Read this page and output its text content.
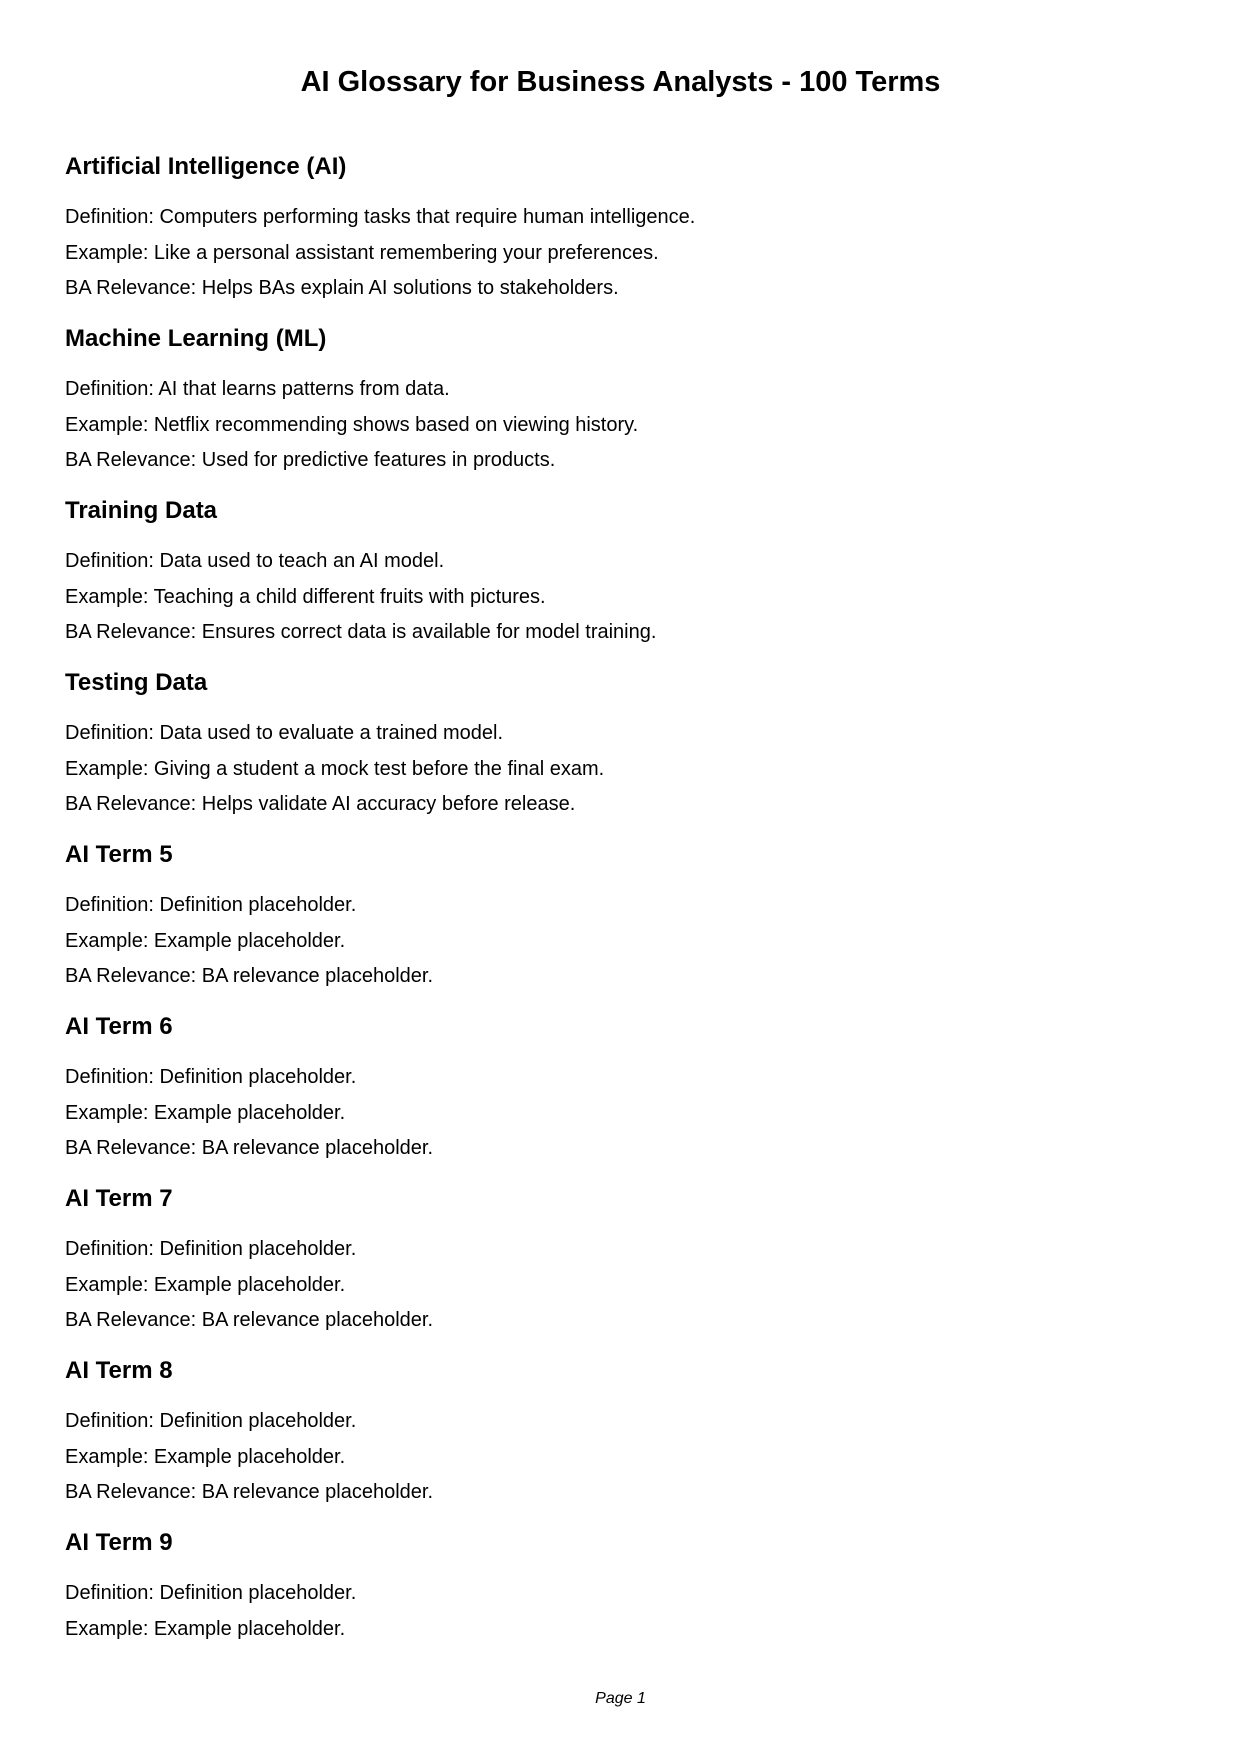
AI Glossary for Business Analysts - 100 Terms
Artificial Intelligence (AI)

Definition: Computers performing tasks that require human intelligence.

Example: Like a personal assistant remembering your preferences.

BA Relevance: Helps BAs explain AI solutions to stakeholders.

Machine Learning (ML)

Definition: AI that learns patterns from data.

Example: Netflix recommending shows based on viewing history.

BA Relevance: Used for predictive features in products.

Training Data

Definition: Data used to teach an AI model.

Example: Teaching a child different fruits with pictures.

BA Relevance: Ensures correct data is available for model training.

Testing Data

Definition: Data used to evaluate a trained model.

Example: Giving a student a mock test before the final exam.

BA Relevance: Helps validate AI accuracy before release.

AI Term 5

Definition: Definition placeholder.

Example: Example placeholder.

BA Relevance: BA relevance placeholder.

AI Term 6

Definition: Definition placeholder.

Example: Example placeholder.

BA Relevance: BA relevance placeholder.

AI Term 7

Definition: Definition placeholder.

Example: Example placeholder.

BA Relevance: BA relevance placeholder.

AI Term 8

Definition: Definition placeholder.

Example: Example placeholder.

BA Relevance: BA relevance placeholder.

AI Term 9

Definition: Definition placeholder.

Example: Example placeholder.

Page 1
